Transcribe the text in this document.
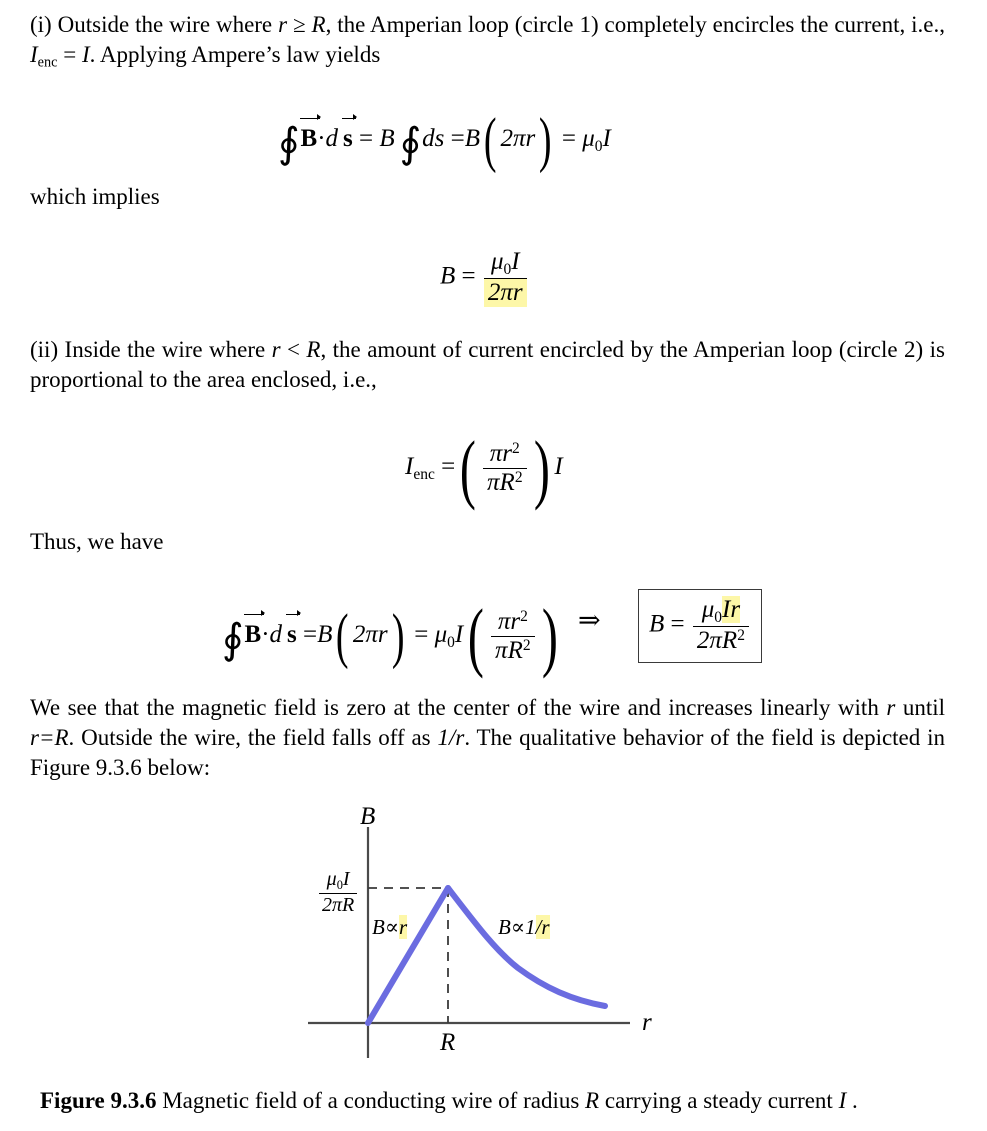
(i) Outside the wire where r ≥ R, the Amperian loop (circle 1) completely encircles the current, i.e., $I_{enc} = I$. Applying Ampere’s law yields
∮B·d  s = B  ∮ds =B( $2\pi r) = \mu_0I$
which implies
$B = \frac{\mu_0I}{2\pi r}$
(ii) Inside the wire where r < R, the amount of current encircled by the Amperian loop (circle 2) is proportional to the area enclosed, i.e.,
$I_{enc}$ =( $\frac{\pi r^2}{\pi R^2}$ ) I
Thus, we have
∮B·d  s =B( $2\pi r) = \mu_0I( \frac{\pi r^2}{\pi R^2}$ ) ⇒	$B = \frac{\mu_0Ir}{2\pi R^2}$
We see that the magnetic field is zero at the center of the wire and increases linearly with r until r=R. Outside the wire, the field falls off as 1/r. The qualitative behavior of the field is depicted in Figure 9.3.6 below:
B
r
$\frac{\mu_0I}{2\pi R}$
R
B∝r	B∝1/r
Figure 9.3.6 Magnetic field of a conducting wire of radius R carrying a steady current I .
